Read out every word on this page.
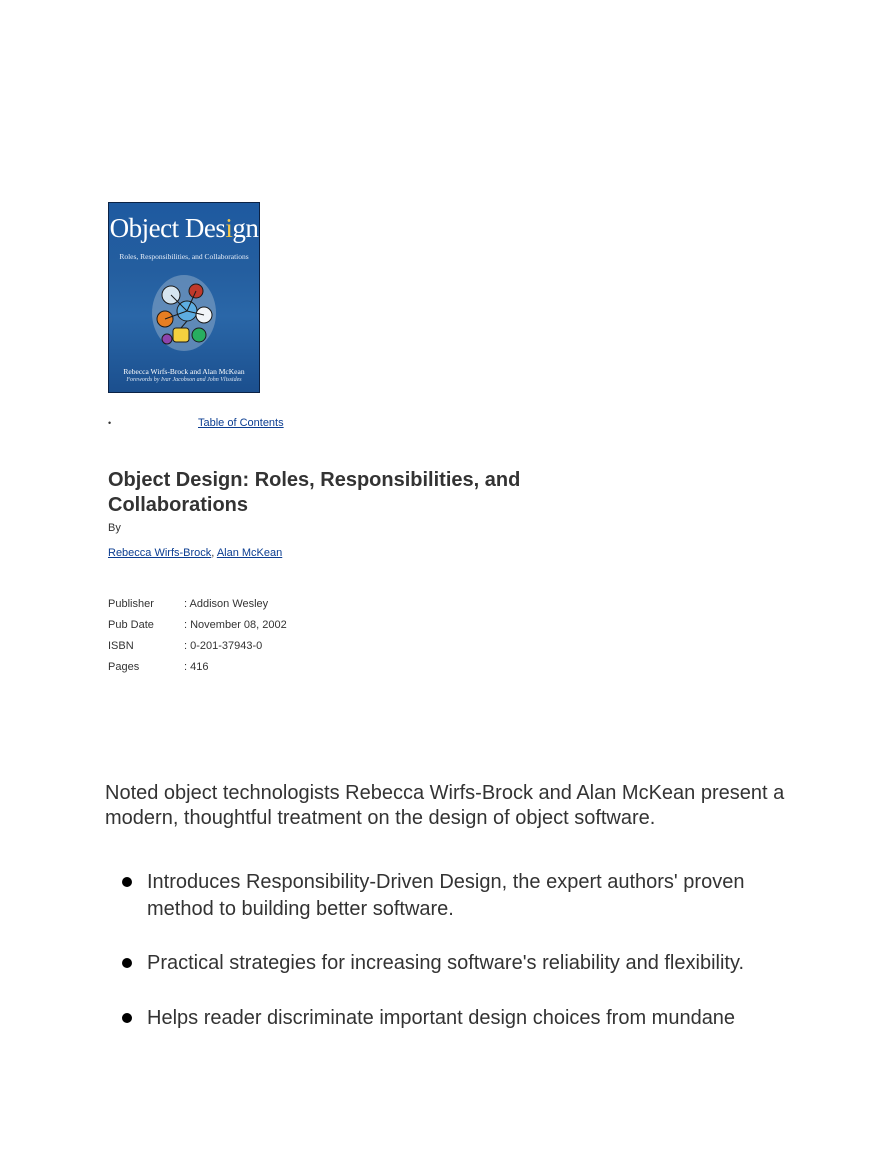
Object Design
Roles, Responsibilities, and Collaborations
Rebecca Wirfs-Brock and Alan McKean
Forewords by Ivar Jacobson and John Vlissides
•	Table of Contents
Object Design: Roles, Responsibilities, and Collaborations
By
Rebecca Wirfs-Brock, Alan McKean
Publisher	: Addison Wesley
Pub Date	: November 08, 2002
ISBN	: 0-201-37943-0
Pages	: 416

Noted object technologists Rebecca Wirfs-Brock and Alan McKean present a modern, thoughtful treatment on the design of object software.

Introduces Responsibility-Driven Design, the expert authors' proven method to building better software.
Practical strategies for increasing software's reliability and flexibility.
Helps reader discriminate important design choices from mundane
